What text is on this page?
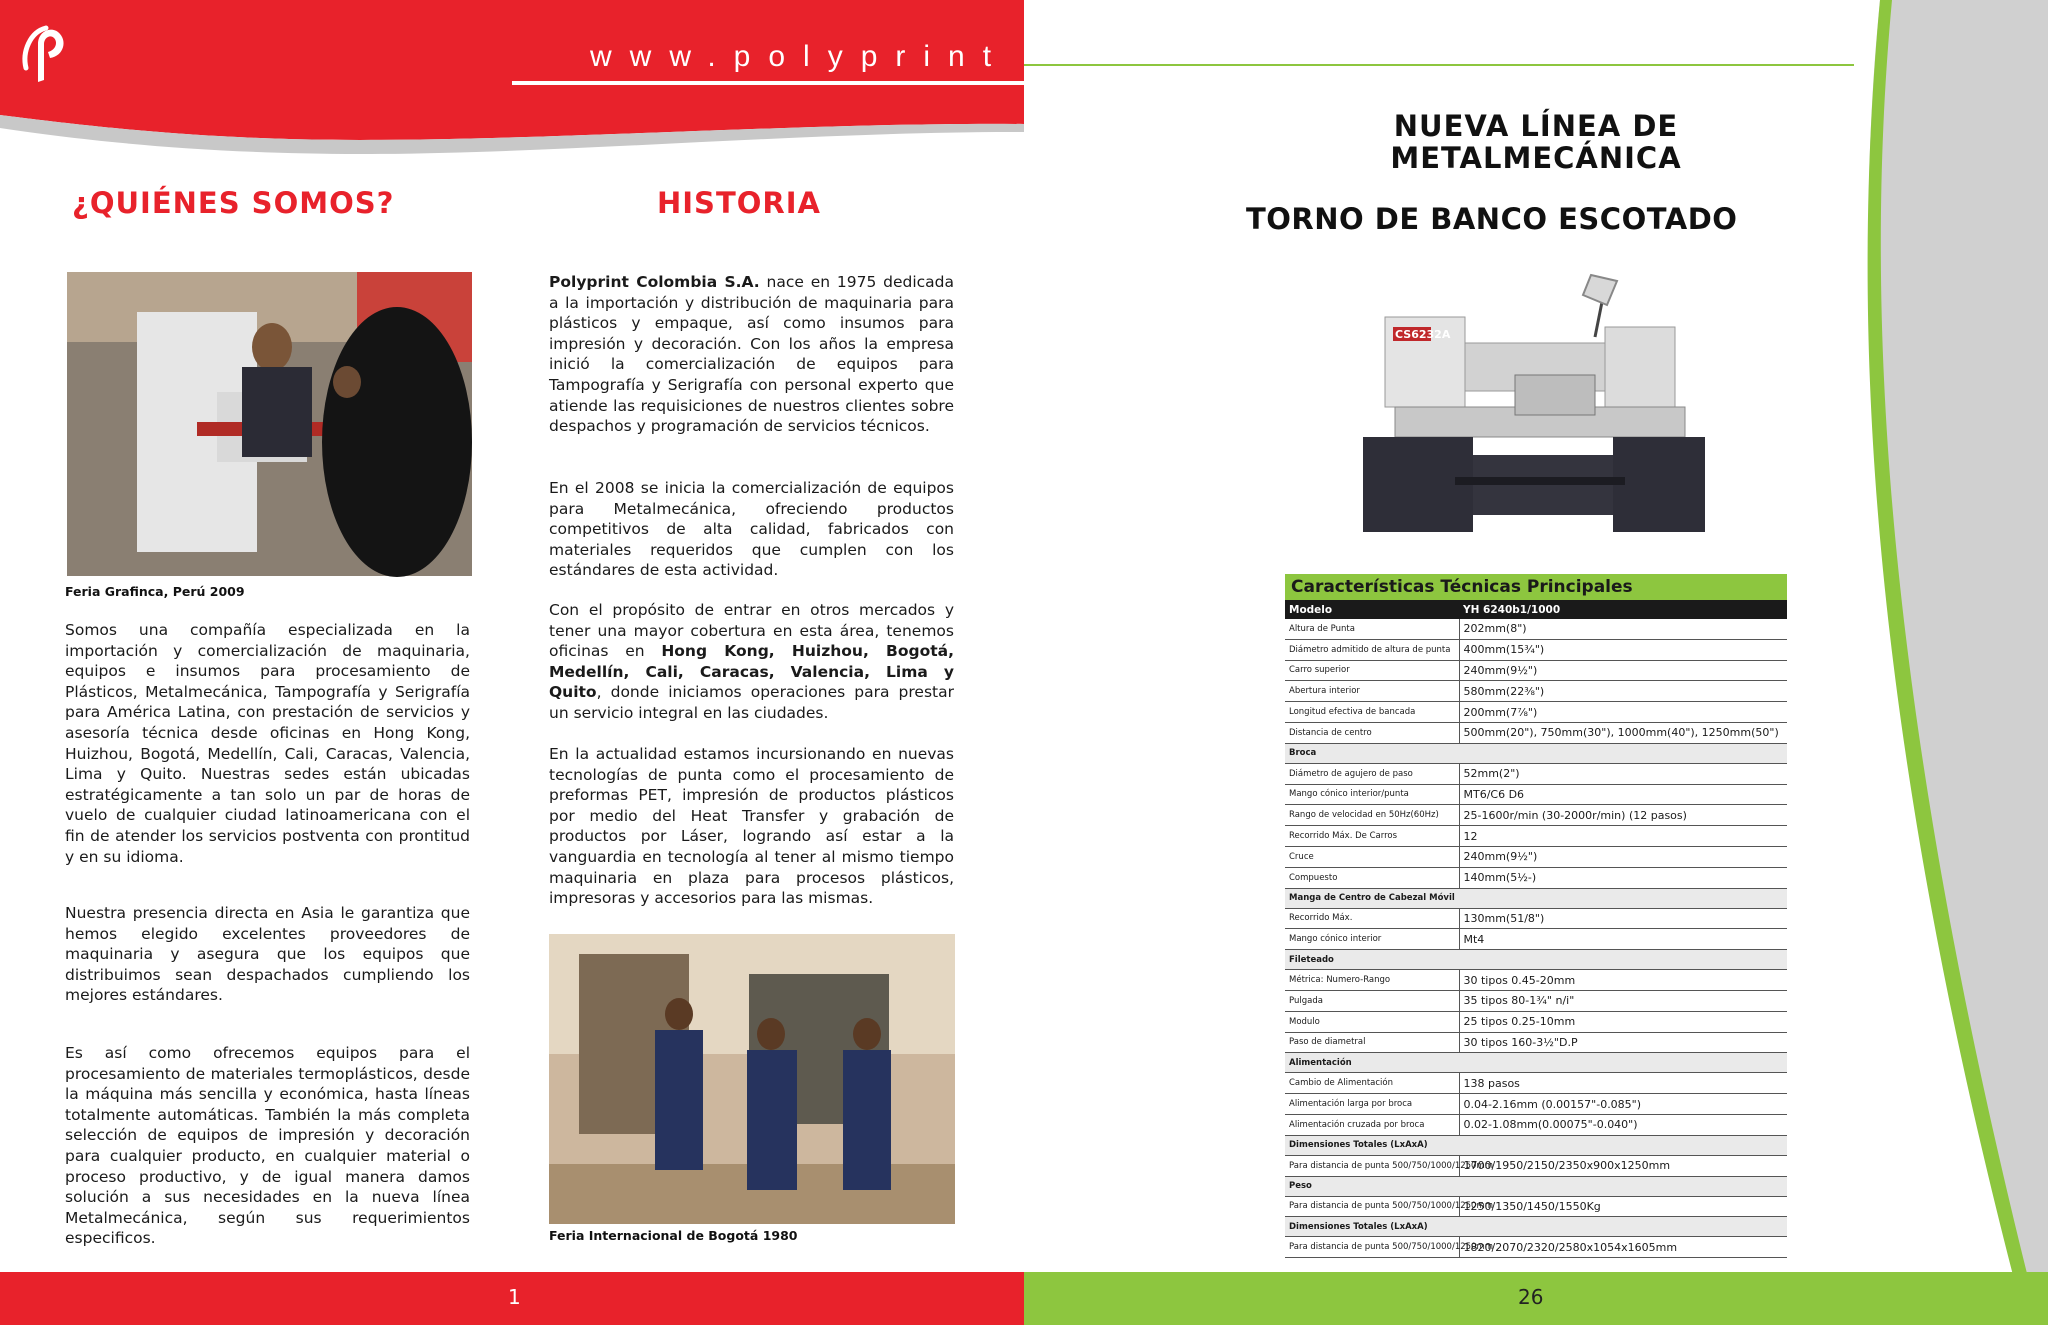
www.polyprint
¿QUIÉNES SOMOS?
Feria Grafinca, Perú 2009
Somos una compañía especializada en la importación y comercialización de maquinaria, equipos e insumos para procesamiento de Plásticos, Metalmecánica, Tampografía y Serigrafía para América Latina, con prestación de servicios y asesoría técnica desde oficinas en Hong Kong, Huizhou, Bogotá, Medellín, Cali, Caracas, Valencia, Lima y Quito. Nuestras sedes están ubicadas estratégicamente a tan solo un par de horas de vuelo de cualquier ciudad latinoamericana con el fin de atender los servicios postventa con prontitud y en su idioma.
Nuestra presencia directa en Asia le garantiza que hemos elegido excelentes proveedores de maquinaria y asegura que los equipos que distribuimos sean despachados cumpliendo los mejores estándares.
Es así como ofrecemos equipos para el procesamiento de materiales termoplásticos, desde la máquina más sencilla y económica, hasta líneas totalmente automáticas. También la más completa selección de equipos de impresión y decoración para cualquier producto, en cualquier material o proceso productivo, y de igual manera damos solución a sus necesidades en la nueva línea Metalmecánica, según sus requerimientos especificos.
HISTORIA
Polyprint Colombia S.A. nace en 1975 dedicada a la importación y distribución de maquinaria para plásticos y empaque, así como insumos para impresión y decoración. Con los años la empresa inició la comercialización de equipos para Tampografía y Serigrafía con personal experto que atiende las requisiciones de nuestros clientes sobre despachos y programación de servicios técnicos.
En el 2008 se inicia la comercialización de equipos para Metalmecánica, ofreciendo productos competitivos de alta calidad, fabricados con materiales requeridos que cumplen con los estándares de esta actividad.
Con el propósito de entrar en otros mercados y tener una mayor cobertura en esta área, tenemos oficinas en Hong Kong, Huizhou, Bogotá, Medellín, Cali, Caracas, Valencia, Lima y Quito, donde iniciamos operaciones para prestar un servicio integral en las ciudades.
En la actualidad estamos incursionando en nuevas tecnologías de punta como el procesamiento de preformas PET, impresión de productos plásticos por medio del Heat Transfer y grabación de productos por Láser, logrando así estar a la vanguardia en tecnología al tener al mismo tiempo maquinaria en plaza para procesos plásticos, impresoras y accesorios para las mismas.
Feria Internacional de Bogotá 1980
NUEVA LÍNEA DE
METALMECÁNICA
TORNO DE BANCO ESCOTADO
CS6232A
Características Técnicas Principales	
Modelo	YH 6240b1/1000
Altura de Punta	202mm(8")
Diámetro admitido de altura de punta	400mm(15¾")
Carro superior	240mm(9½")
Abertura interior	580mm(22⅜")
Longitud efectiva de bancada	200mm(7⅞")
Distancia de centro	500mm(20"), 750mm(30"), 1000mm(40"), 1250mm(50")
Broca	
Diámetro de agujero de paso	52mm(2")
Mango cónico interior/punta	MT6/C6 D6
Rango de velocidad en 50Hz(60Hz)	25-1600r/min (30-2000r/min) (12 pasos)
Recorrido Máx. De Carros	12
Cruce	240mm(9½")
Compuesto	140mm(5½-)
Manga de Centro de Cabezal Móvil	
Recorrido Máx.	130mm(51/8")
Mango cónico interior	Mt4
Fileteado	
Métrica: Numero-Rango	30 tipos 0.45-20mm
Pulgada	35 tipos 80-1¾" n/i"
Modulo	25 tipos 0.25-10mm
Paso de diametral	30 tipos 160-3½"D.P
Alimentación	
Cambio de Alimentación	138 pasos
Alimentación larga por broca	0.04-2.16mm (0.00157"-0.085")
Alimentación cruzada por broca	0.02-1.08mm(0.00075"-0.040")
Dimensiones Totales (LxAxA)	
Para distancia de punta 500/750/1000/1250mm	1700/1950/2150/2350x900x1250mm
Peso	
Para distancia de punta 500/750/1000/1250mm	1250/1350/1450/1550Kg
Dimensiones Totales (LxAxA)	
Para distancia de punta 500/750/1000/1250mm	1820/2070/2320/2580x1054x1605mm
1	26
